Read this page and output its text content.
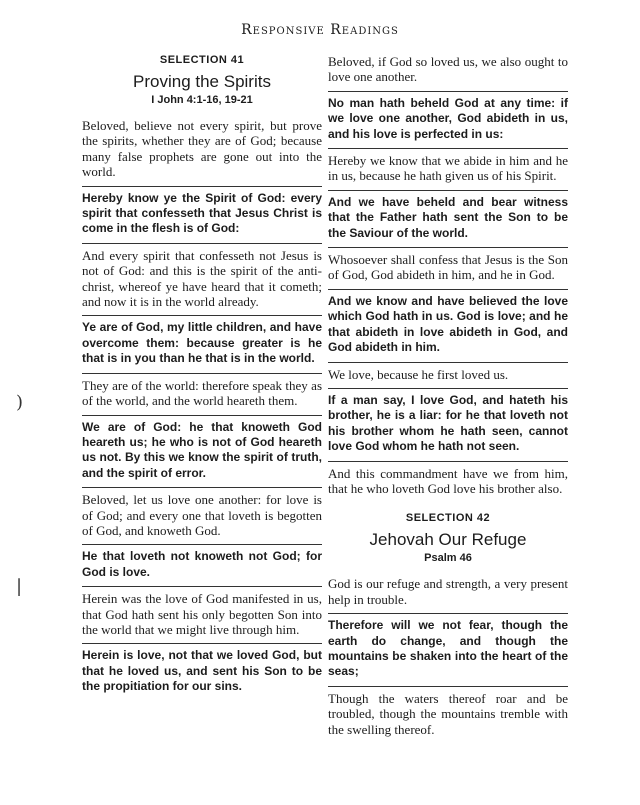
Responsive Readings
)
|
SELECTION 41
Proving the Spirits
I John 4:1-16, 19-21

Beloved, believe not every spirit, but prove the spirits, whether they are of God; because many false prophets are gone out into the world.

Hereby know ye the Spirit of God: every spirit that confesseth that Jesus Christ is come in the flesh is of God:

And every spirit that confesseth not Jesus is not of God: and this is the spirit of the anti-christ, whereof ye have heard that it cometh; and now it is in the world already.

Ye are of God, my little children, and have overcome them: because greater is he that is in you than he that is in the world.

They are of the world: therefore speak they as of the world, and the world heareth them.

We are of God: he that knoweth God heareth us; he who is not of God heareth us not. By this we know the spirit of truth, and the spirit of error.

Beloved, let us love one another: for love is of God; and every one that loveth is begotten of God, and knoweth God.

He that loveth not knoweth not God; for God is love.

Herein was the love of God manifested in us, that God hath sent his only begotten Son into the world that we might live through him.

Herein is love, not that we loved God, but that he loved us, and sent his Son to be the propitiation for our sins.

Beloved, if God so loved us, we also ought to love one another.

No man hath beheld God at any time: if we love one another, God abideth in us, and his love is perfected in us:

Hereby we know that we abide in him and he in us, because he hath given us of his Spirit.

And we have beheld and bear witness that the Father hath sent the Son to be the Saviour of the world.

Whosoever shall confess that Jesus is the Son of God, God abideth in him, and he in God.

And we know and have believed the love which God hath in us. God is love; and he that abideth in love abideth in God, and God abideth in him.

We love, because he first loved us.

If a man say, I love God, and hateth his brother, he is a liar: for he that loveth not his brother whom he hath seen, cannot love God whom he hath not seen.

And this commandment have we from him, that he who loveth God love his brother also.

SELECTION 42
Jehovah Our Refuge
Psalm 46

God is our refuge and strength, a very present help in trouble.

Therefore will we not fear, though the earth do change, and though the mountains be shaken into the heart of the seas;

Though the waters thereof roar and be troubled, though the mountains tremble with the swelling thereof.
